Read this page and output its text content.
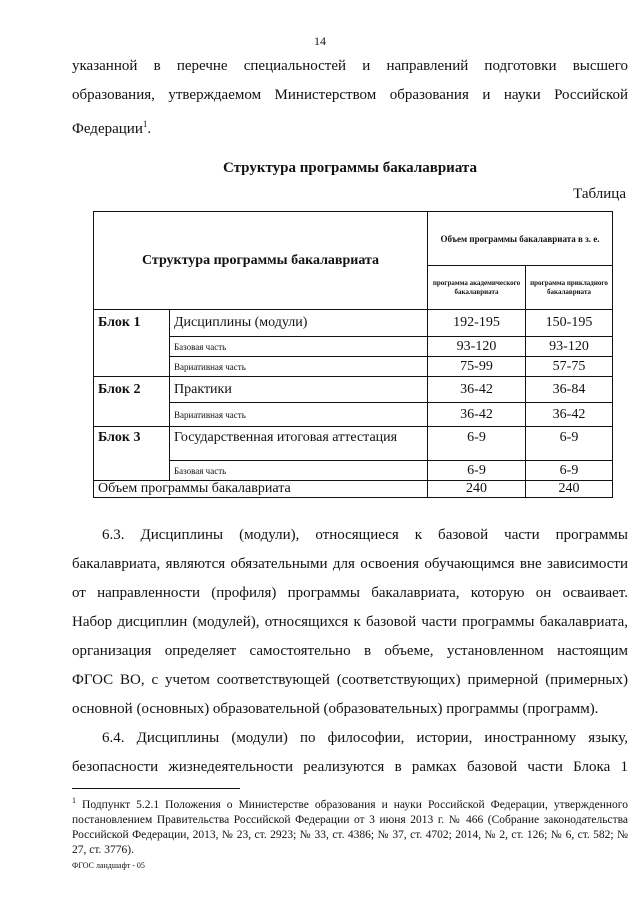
14

указанной в перечне специальностей и направлений подготовки высшего

образования, утверждаемом Министерством образования и науки Российской

Федерации$^1$.

Структура программы бакалавриата
Таблица
Структура программы бакалавриата		Объем программы бакалавриата в з. е.	
		программа академического бакалавриата	программа прикладного бакалавриата
Блок 1	Дисциплины (модули)	192-195	150-195
	Базовая часть	93-120	93-120
	Вариативная часть	75-99	57-75
Блок 2	Практики	36-42	36-84
	Вариативная часть	36-42	36-42
Блок 3	Государственная итоговая аттестация	6-9	6-9
	Базовая часть	6-9	6-9
Объем программы бакалавриата		240	240

6.3. Дисциплины (модули), относящиеся к базовой части программы

бакалавриата, являются обязательными для освоения обучающимся вне зависимости

от направленности (профиля) программы бакалавриата, которую он осваивает.

Набор дисциплин (модулей), относящихся к базовой части программы бакалавриата,

организация определяет самостоятельно в объеме, установленном настоящим

ФГОС ВО, с учетом соответствующей (соответствующих) примерной (примерных)

основной (основных) образовательной (образовательных) программы (программ).

6.4. Дисциплины (модули) по философии, истории, иностранному языку,

безопасности жизнедеятельности реализуются в рамках базовой части Блока 1

$^1$ Подпункт 5.2.1 Положения о Министерстве образования и науки Российской Федерации, утвержденного постановлением Правительства Российской Федерации от 3 июня 2013 г. № 466 (Собрание законодательства Российской Федерации, 2013, № 23, ст. 2923; № 33, ст. 4386; № 37, ст. 4702; 2014, № 2, ст. 126; № 6, ст. 582; № 27, ст. 3776).
ФГОС ландшафт - 05
